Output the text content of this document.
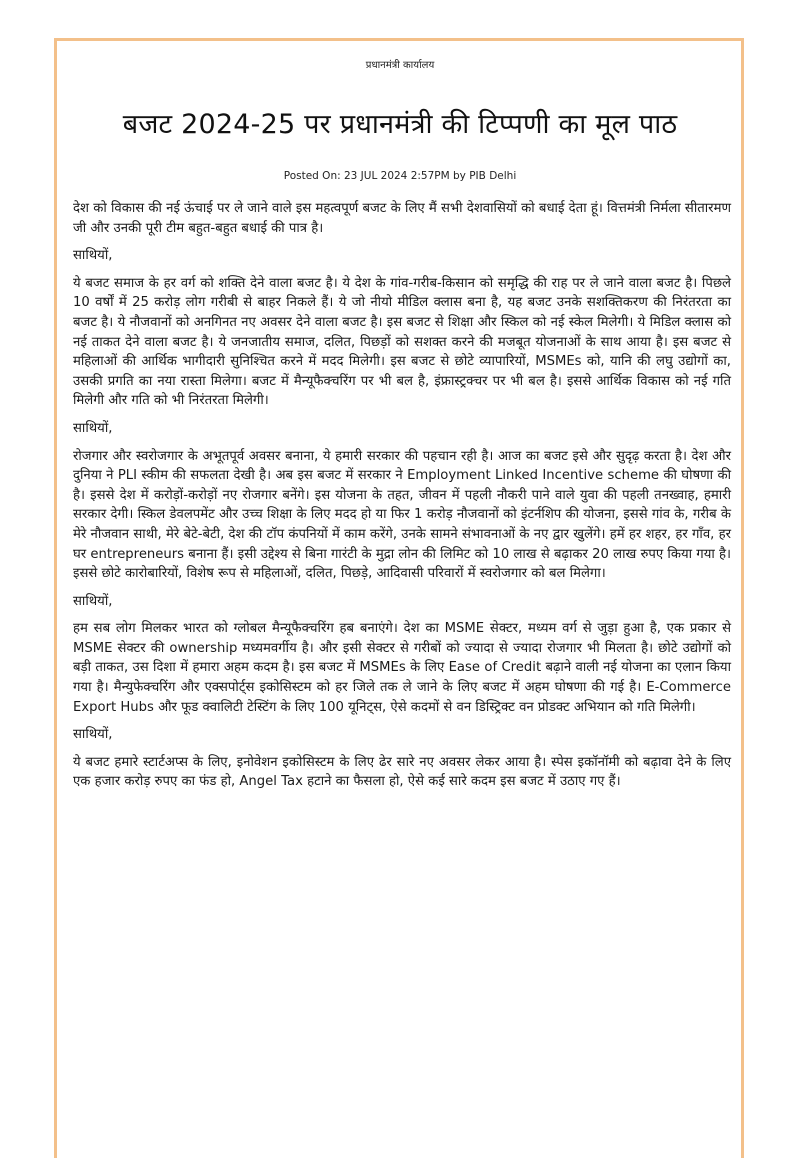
प्रधानमंत्री कार्यालय
बजट 2024-25 पर प्रधानमंत्री की टिप्पणी का मूल पाठ
Posted On: 23 JUL 2024 2:57PM by PIB Delhi

देश को विकास की नई ऊंचाई पर ले जाने वाले इस महत्वपूर्ण बजट के लिए मैं सभी देशवासियों को बधाई देता हूं। वित्तमंत्री निर्मला सीतारमण जी और उनकी पूरी टीम बहुत-बहुत बधाई की पात्र है।

साथियों,

ये बजट समाज के हर वर्ग को शक्ति देने वाला बजट है। ये देश के गांव-गरीब-किसान को समृद्धि की राह पर ले जाने वाला बजट है। पिछले 10 वर्षों में 25 करोड़ लोग गरीबी से बाहर निकले हैं। ये जो नीयो मीडिल क्लास बना है, यह बजट उनके सशक्तिकरण की निरंतरता का बजट है। ये नौजवानों को अनगिनत नए अवसर देने वाला बजट है। इस बजट से शिक्षा और स्किल को नई स्केल मिलेगी। ये मिडिल क्लास को नई ताकत देने वाला बजट है। ये जनजातीय समाज, दलित, पिछड़ों को सशक्त करने की मजबूत योजनाओं के साथ आया है। इस बजट से महिलाओं की आर्थिक भागीदारी सुनिश्चित करने में मदद मिलेगी। इस बजट से छोटे व्यापारियों, MSMEs को, यानि की लघु उद्योगों का, उसकी प्रगति का नया रास्ता मिलेगा। बजट में मैन्यूफैक्चरिंग पर भी बल है, इंफ्रास्ट्रक्चर पर भी बल है। इससे आर्थिक विकास को नई गति मिलेगी और गति को भी निरंतरता मिलेगी।

साथियों,

रोजगार और स्वरोजगार के अभूतपूर्व अवसर बनाना, ये हमारी सरकार की पहचान रही है। आज का बजट इसे और सुदृढ़ करता है। देश और दुनिया ने PLI स्कीम की सफलता देखी है। अब इस बजट में सरकार ने Employment Linked Incentive scheme की घोषणा की है। इससे देश में करोड़ों-करोड़ों नए रोजगार बनेंगे। इस योजना के तहत, जीवन में पहली नौकरी पाने वाले युवा की पहली तनख्वाह, हमारी सरकार देगी। स्किल डेवलपमेंट और उच्च शिक्षा के लिए मदद हो या फिर 1 करोड़ नौजवानों को इंटर्नशिप की योजना, इससे गांव के, गरीब के मेरे नौजवान साथी, मेरे बेटे-बेटी, देश की टॉप कंपनियों में काम करेंगे, उनके सामने संभावनाओं के नए द्वार खुलेंगे। हमें हर शहर, हर गाँव, हर घर entrepreneurs बनाना हैं। इसी उद्देश्य से बिना गारंटी के मुद्रा लोन की लिमिट को 10 लाख से बढ़ाकर 20 लाख रुपए किया गया है। इससे छोटे कारोबारियों, विशेष रूप से महिलाओं, दलित, पिछड़े, आदिवासी परिवारों में स्वरोजगार को बल मिलेगा।

साथियों,

हम सब लोग मिलकर भारत को ग्लोबल मैन्यूफैक्चरिंग हब बनाएंगे। देश का MSME सेक्टर, मध्यम वर्ग से जुड़ा हुआ है, एक प्रकार से MSME सेक्टर की ownership मध्यमवर्गीय है। और इसी सेक्टर से गरीबों को ज्यादा से ज्यादा रोजगार भी मिलता है। छोटे उद्योगों को बड़ी ताकत, उस दिशा में हमारा अहम कदम है। इस बजट में MSMEs के लिए Ease of Credit बढ़ाने वाली नई योजना का एलान किया गया है। मैन्युफेक्चरिंग और एक्सपोर्ट्स इकोसिस्टम को हर जिले तक ले जाने के लिए बजट में अहम घोषणा की गई है। E-Commerce Export Hubs और फूड क्वालिटी टेस्टिंग के लिए 100 यूनिट्स, ऐसे कदमों से वन डिस्ट्रिक्ट वन प्रोडक्ट अभियान को गति मिलेगी।

साथियों,

ये बजट हमारे स्टार्टअप्स के लिए, इनोवेशन इकोसिस्टम के लिए ढेर सारे नए अवसर लेकर आया है। स्पेस इकॉनॉमी को बढ़ावा देने के लिए एक हजार करोड़ रुपए का फंड हो, Angel Tax हटाने का फैसला हो, ऐसे कई सारे कदम इस बजट में उठाए गए हैं।
